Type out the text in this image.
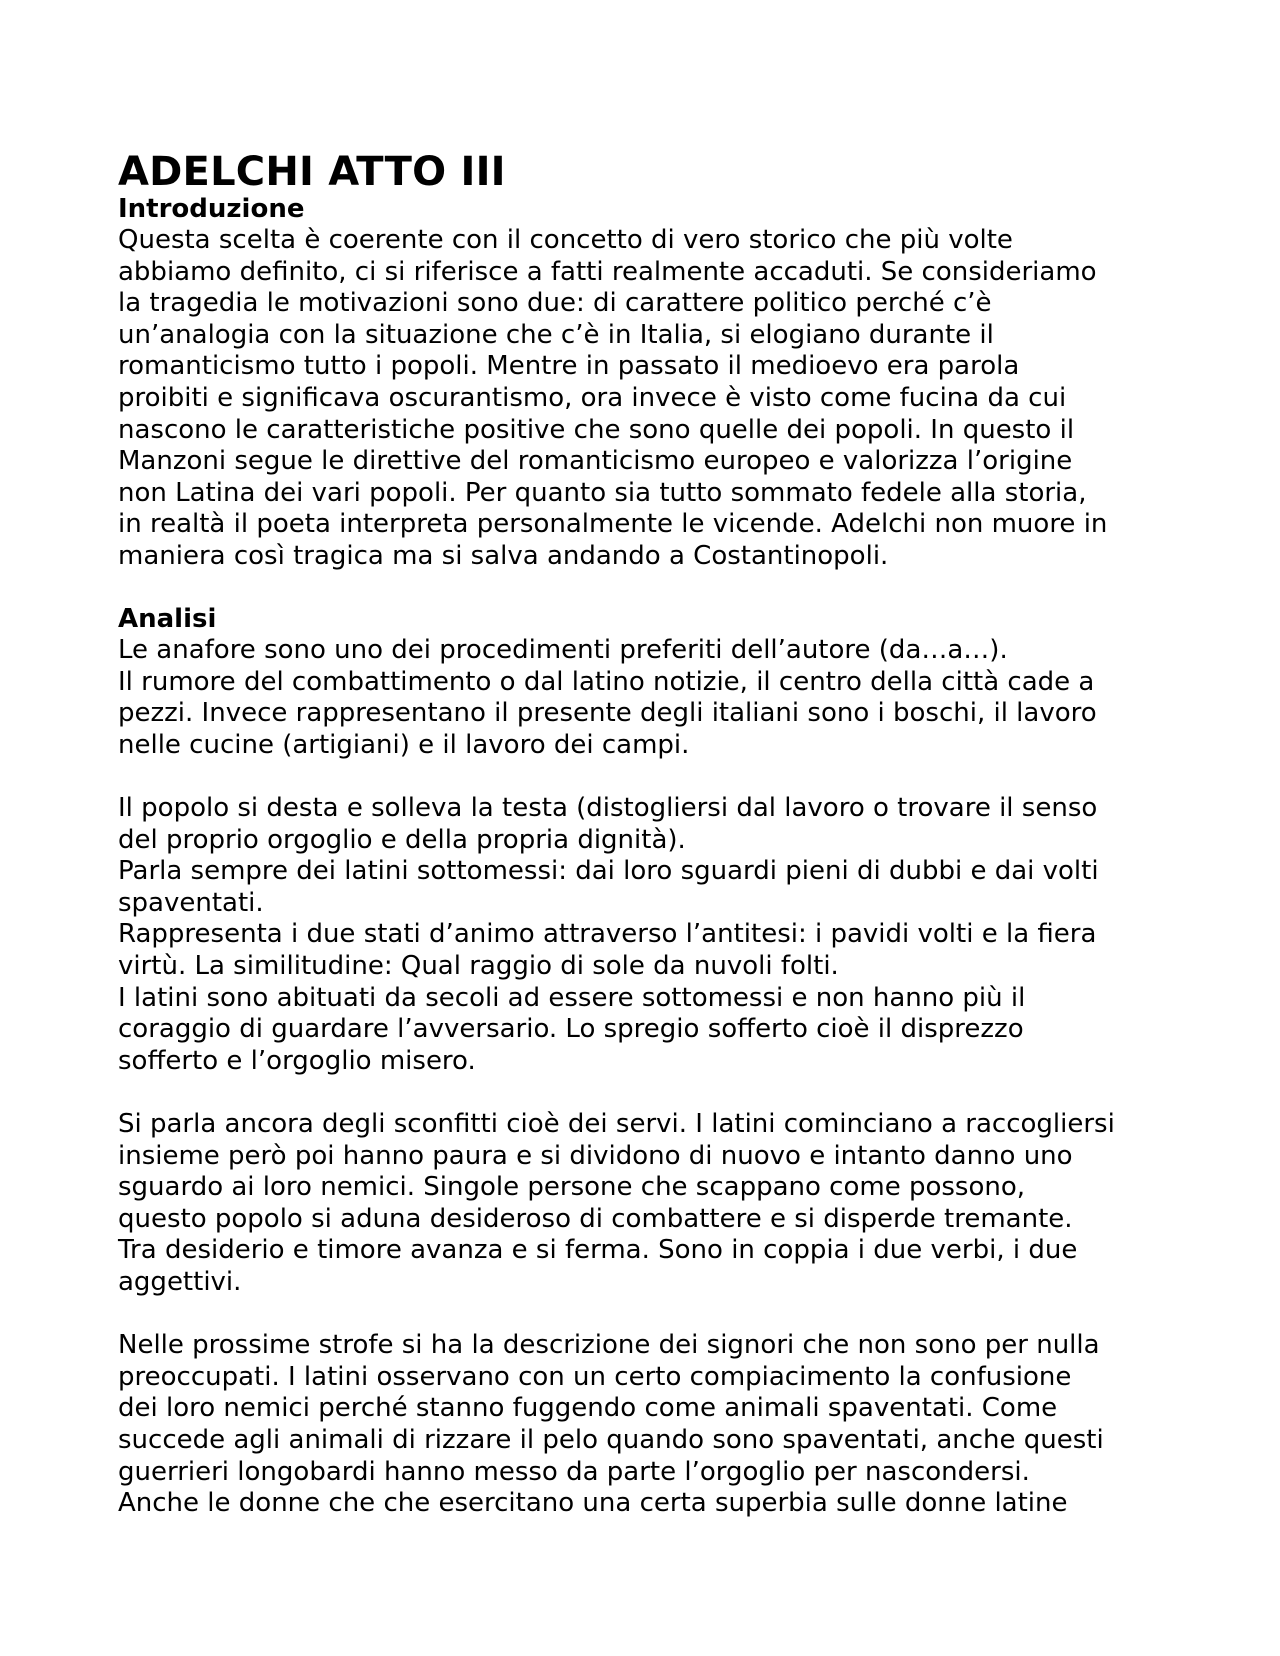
ADELCHI ATTO III
Introduzione

Questa scelta è coerente con il concetto di vero storico che più volte
abbiamo definito, ci si riferisce a fatti realmente accaduti. Se consideriamo
la tragedia le motivazioni sono due: di carattere politico perché c’è
un’analogia con la situazione che c’è in Italia, si elogiano durante il
romanticismo tutto i popoli. Mentre in passato il medioevo era parola
proibiti e significava oscurantismo, ora invece è visto come fucina da cui
nascono le caratteristiche positive che sono quelle dei popoli. In questo il
Manzoni segue le direttive del romanticismo europeo e valorizza l’origine
non Latina dei vari popoli. Per quanto sia tutto sommato fedele alla storia,
in realtà il poeta interpreta personalmente le vicende. Adelchi non muore in
maniera così tragica ma si salva andando a Costantinopoli.

Analisi

Le anafore sono uno dei procedimenti preferiti dell’autore (da…a…).
Il rumore del combattimento o dal latino notizie, il centro della città cade a
pezzi. Invece rappresentano il presente degli italiani sono i boschi, il lavoro
nelle cucine (artigiani) e il lavoro dei campi.

Il popolo si desta e solleva la testa (distogliersi dal lavoro o trovare il senso
del proprio orgoglio e della propria dignità).
Parla sempre dei latini sottomessi: dai loro sguardi pieni di dubbi e dai volti
spaventati.
Rappresenta i due stati d’animo attraverso l’antitesi: i pavidi volti e la fiera
virtù. La similitudine: Qual raggio di sole da nuvoli folti.
I latini sono abituati da secoli ad essere sottomessi e non hanno più il
coraggio di guardare l’avversario. Lo spregio sofferto cioè il disprezzo
sofferto e l’orgoglio misero.

Si parla ancora degli sconfitti cioè dei servi. I latini cominciano a raccogliersi
insieme però poi hanno paura e si dividono di nuovo e intanto danno uno
sguardo ai loro nemici. Singole persone che scappano come possono,
questo popolo si aduna desideroso di combattere e si disperde tremante.
Tra desiderio e timore avanza e si ferma. Sono in coppia i due verbi, i due
aggettivi.

Nelle prossime strofe si ha la descrizione dei signori che non sono per nulla
preoccupati. I latini osservano con un certo compiacimento la confusione
dei loro nemici perché stanno fuggendo come animali spaventati. Come
succede agli animali di rizzare il pelo quando sono spaventati, anche questi
guerrieri longobardi hanno messo da parte l’orgoglio per nascondersi.
Anche le donne che che esercitano una certa superbia sulle donne latine
